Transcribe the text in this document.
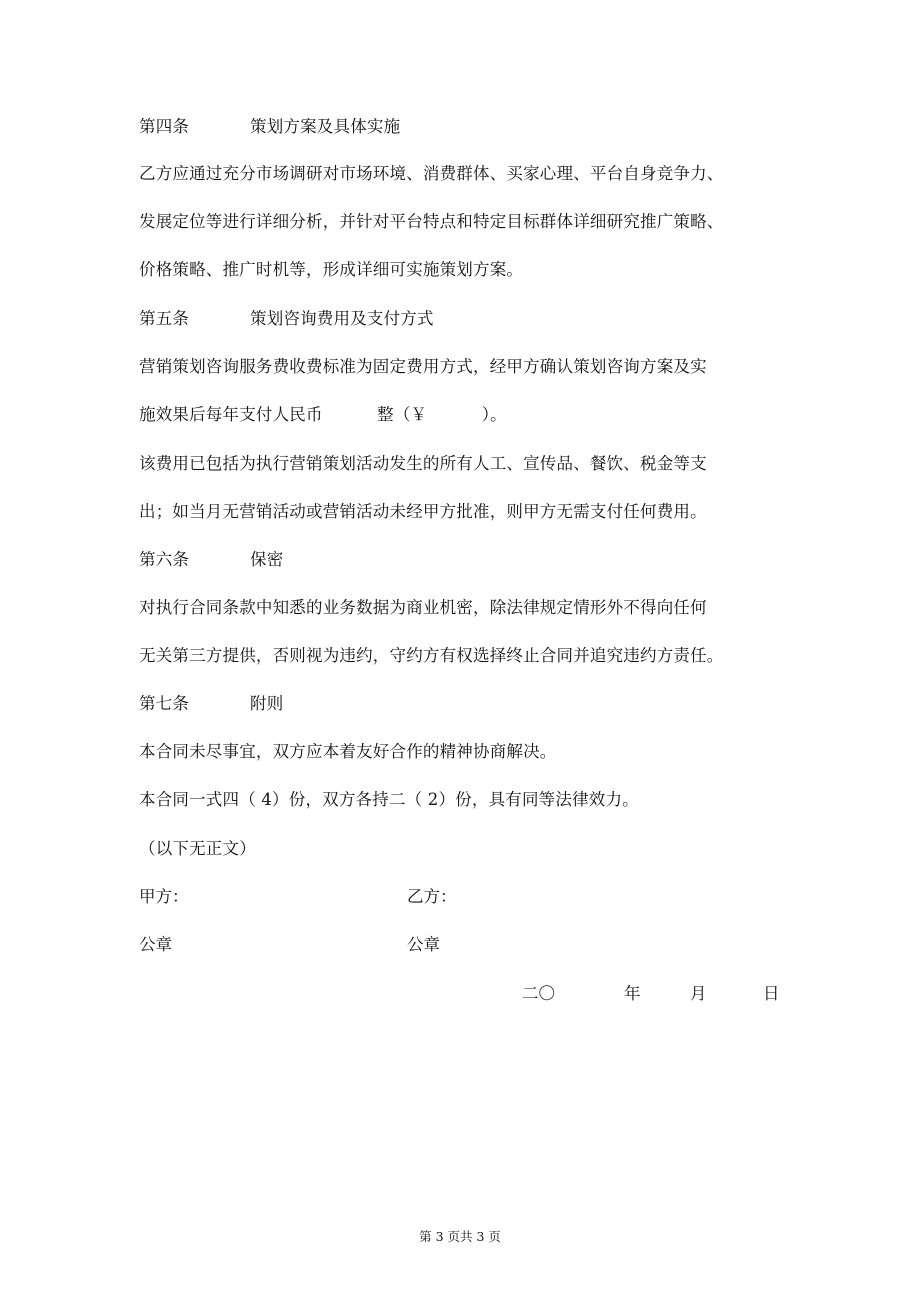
第四条	策划方案及具体实施
乙方应通过充分市场调研对市场环境、消费群体、买家心理、平台自身竞争力、
发展定位等进行详细分析，并针对平台特点和特定目标群体详细研究推广策略、
价格策略、推广时机等，形成详细可实施策划方案。
第五条	策划咨询费用及支付方式
营销策划咨询服务费收费标准为固定费用方式，经甲方确认策划咨询方案及实
施效果后每年支付人民币          整（￥          ）。
该费用已包括为执行营销策划活动发生的所有人工、宣传品、餐饮、税金等支
出；如当月无营销活动或营销活动未经甲方批准，则甲方无需支付任何费用。
第六条	保密
对执行合同条款中知悉的业务数据为商业机密，除法律规定情形外不得向任何
无关第三方提供，否则视为违约，守约方有权选择终止合同并追究违约方责任。
第七条	附则
本合同未尽事宜，双方应本着友好合作的精神协商解决。
本合同一式四（ 4）份，双方各持二（ 2）份，具有同等法律效力。
（以下无正文）
甲方：	乙方：
公章	公章
二〇	年	月	日
第 3 页共 3 页
